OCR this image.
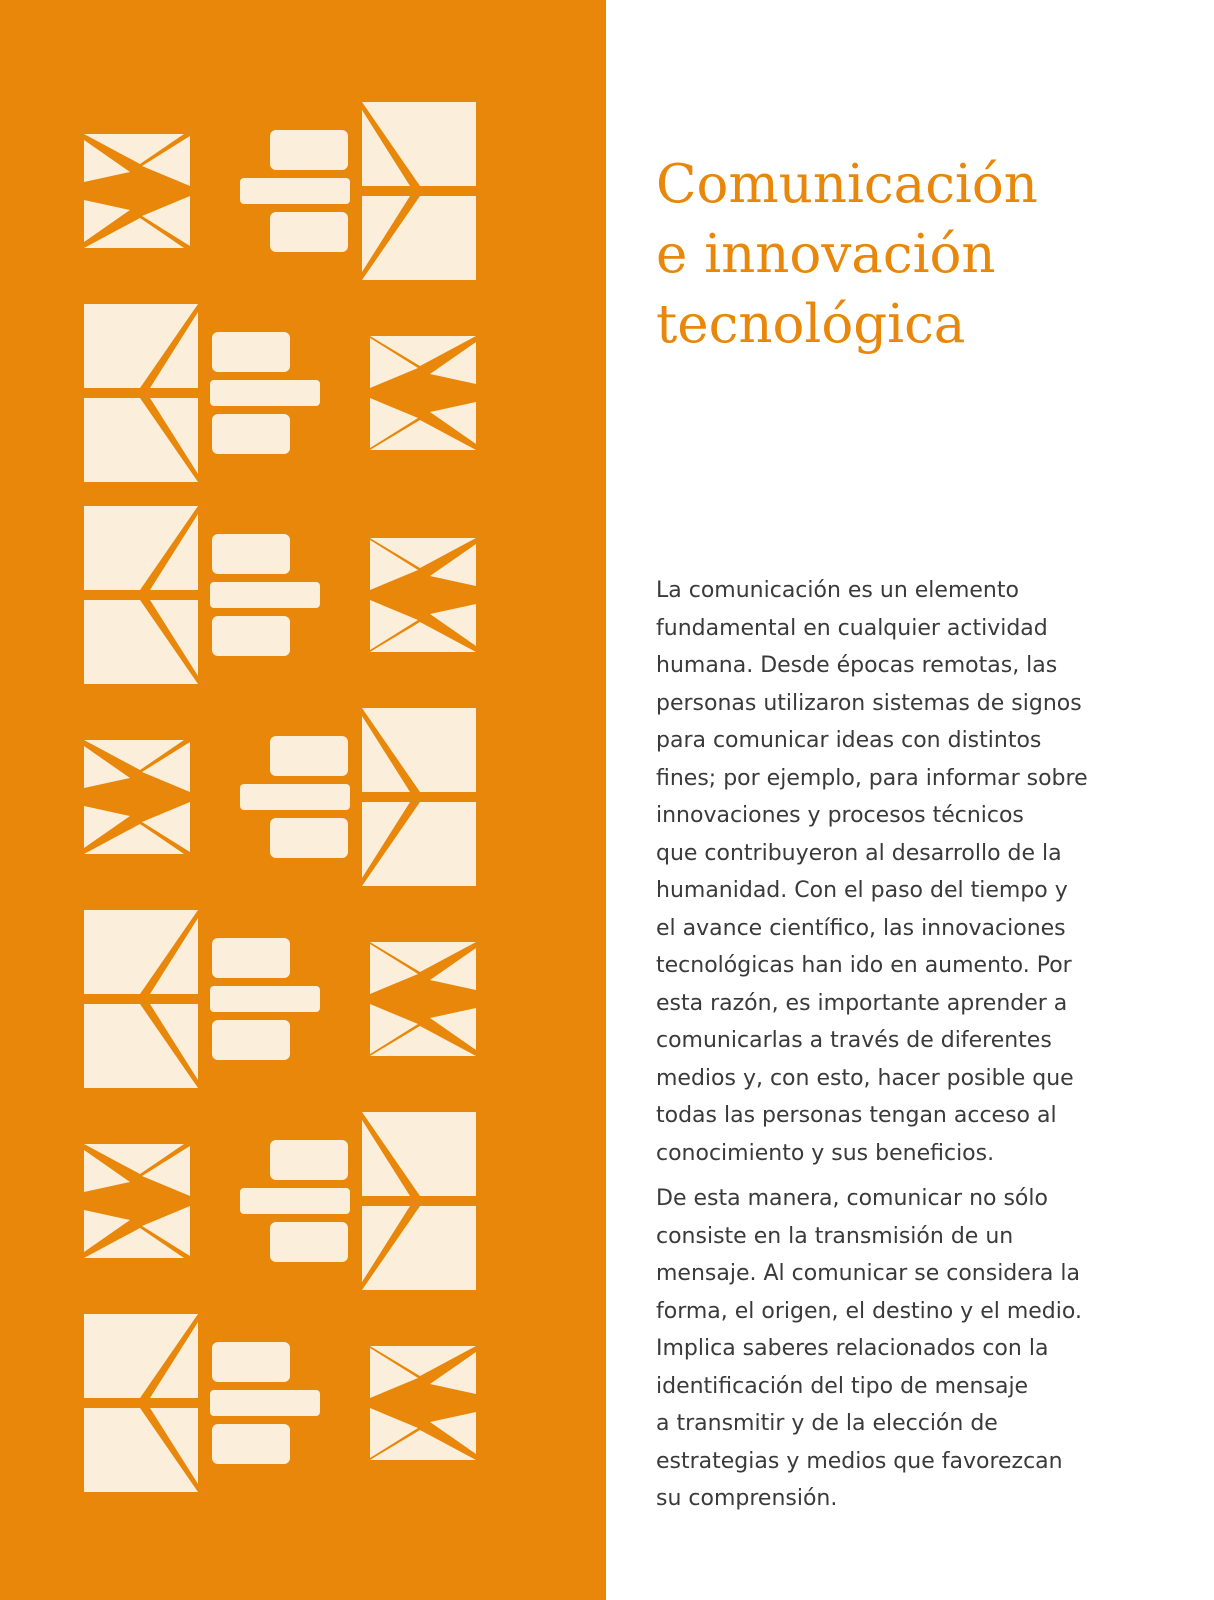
Comunicación
e innovación
tecnológica

La comunicación es un elemento
fundamental en cualquier actividad
humana. Desde épocas remotas, las
personas utilizaron sistemas de signos
para comunicar ideas con distintos
fines; por ejemplo, para informar sobre
innovaciones y procesos técnicos
que contribuyeron al desarrollo de la
humanidad. Con el paso del tiempo y
el avance científico, las innovaciones
tecnológicas han ido en aumento. Por
esta razón, es importante aprender a
comunicarlas a través de diferentes
medios y, con esto, hacer posible que
todas las personas tengan acceso al
conocimiento y sus beneficios.

De esta manera, comunicar no sólo
consiste en la transmisión de un
mensaje. Al comunicar se considera la
forma, el origen, el destino y el medio.
Implica saberes relacionados con la
identificación del tipo de mensaje
a transmitir y de la elección de
estrategias y medios que favorezcan
su comprensión.
